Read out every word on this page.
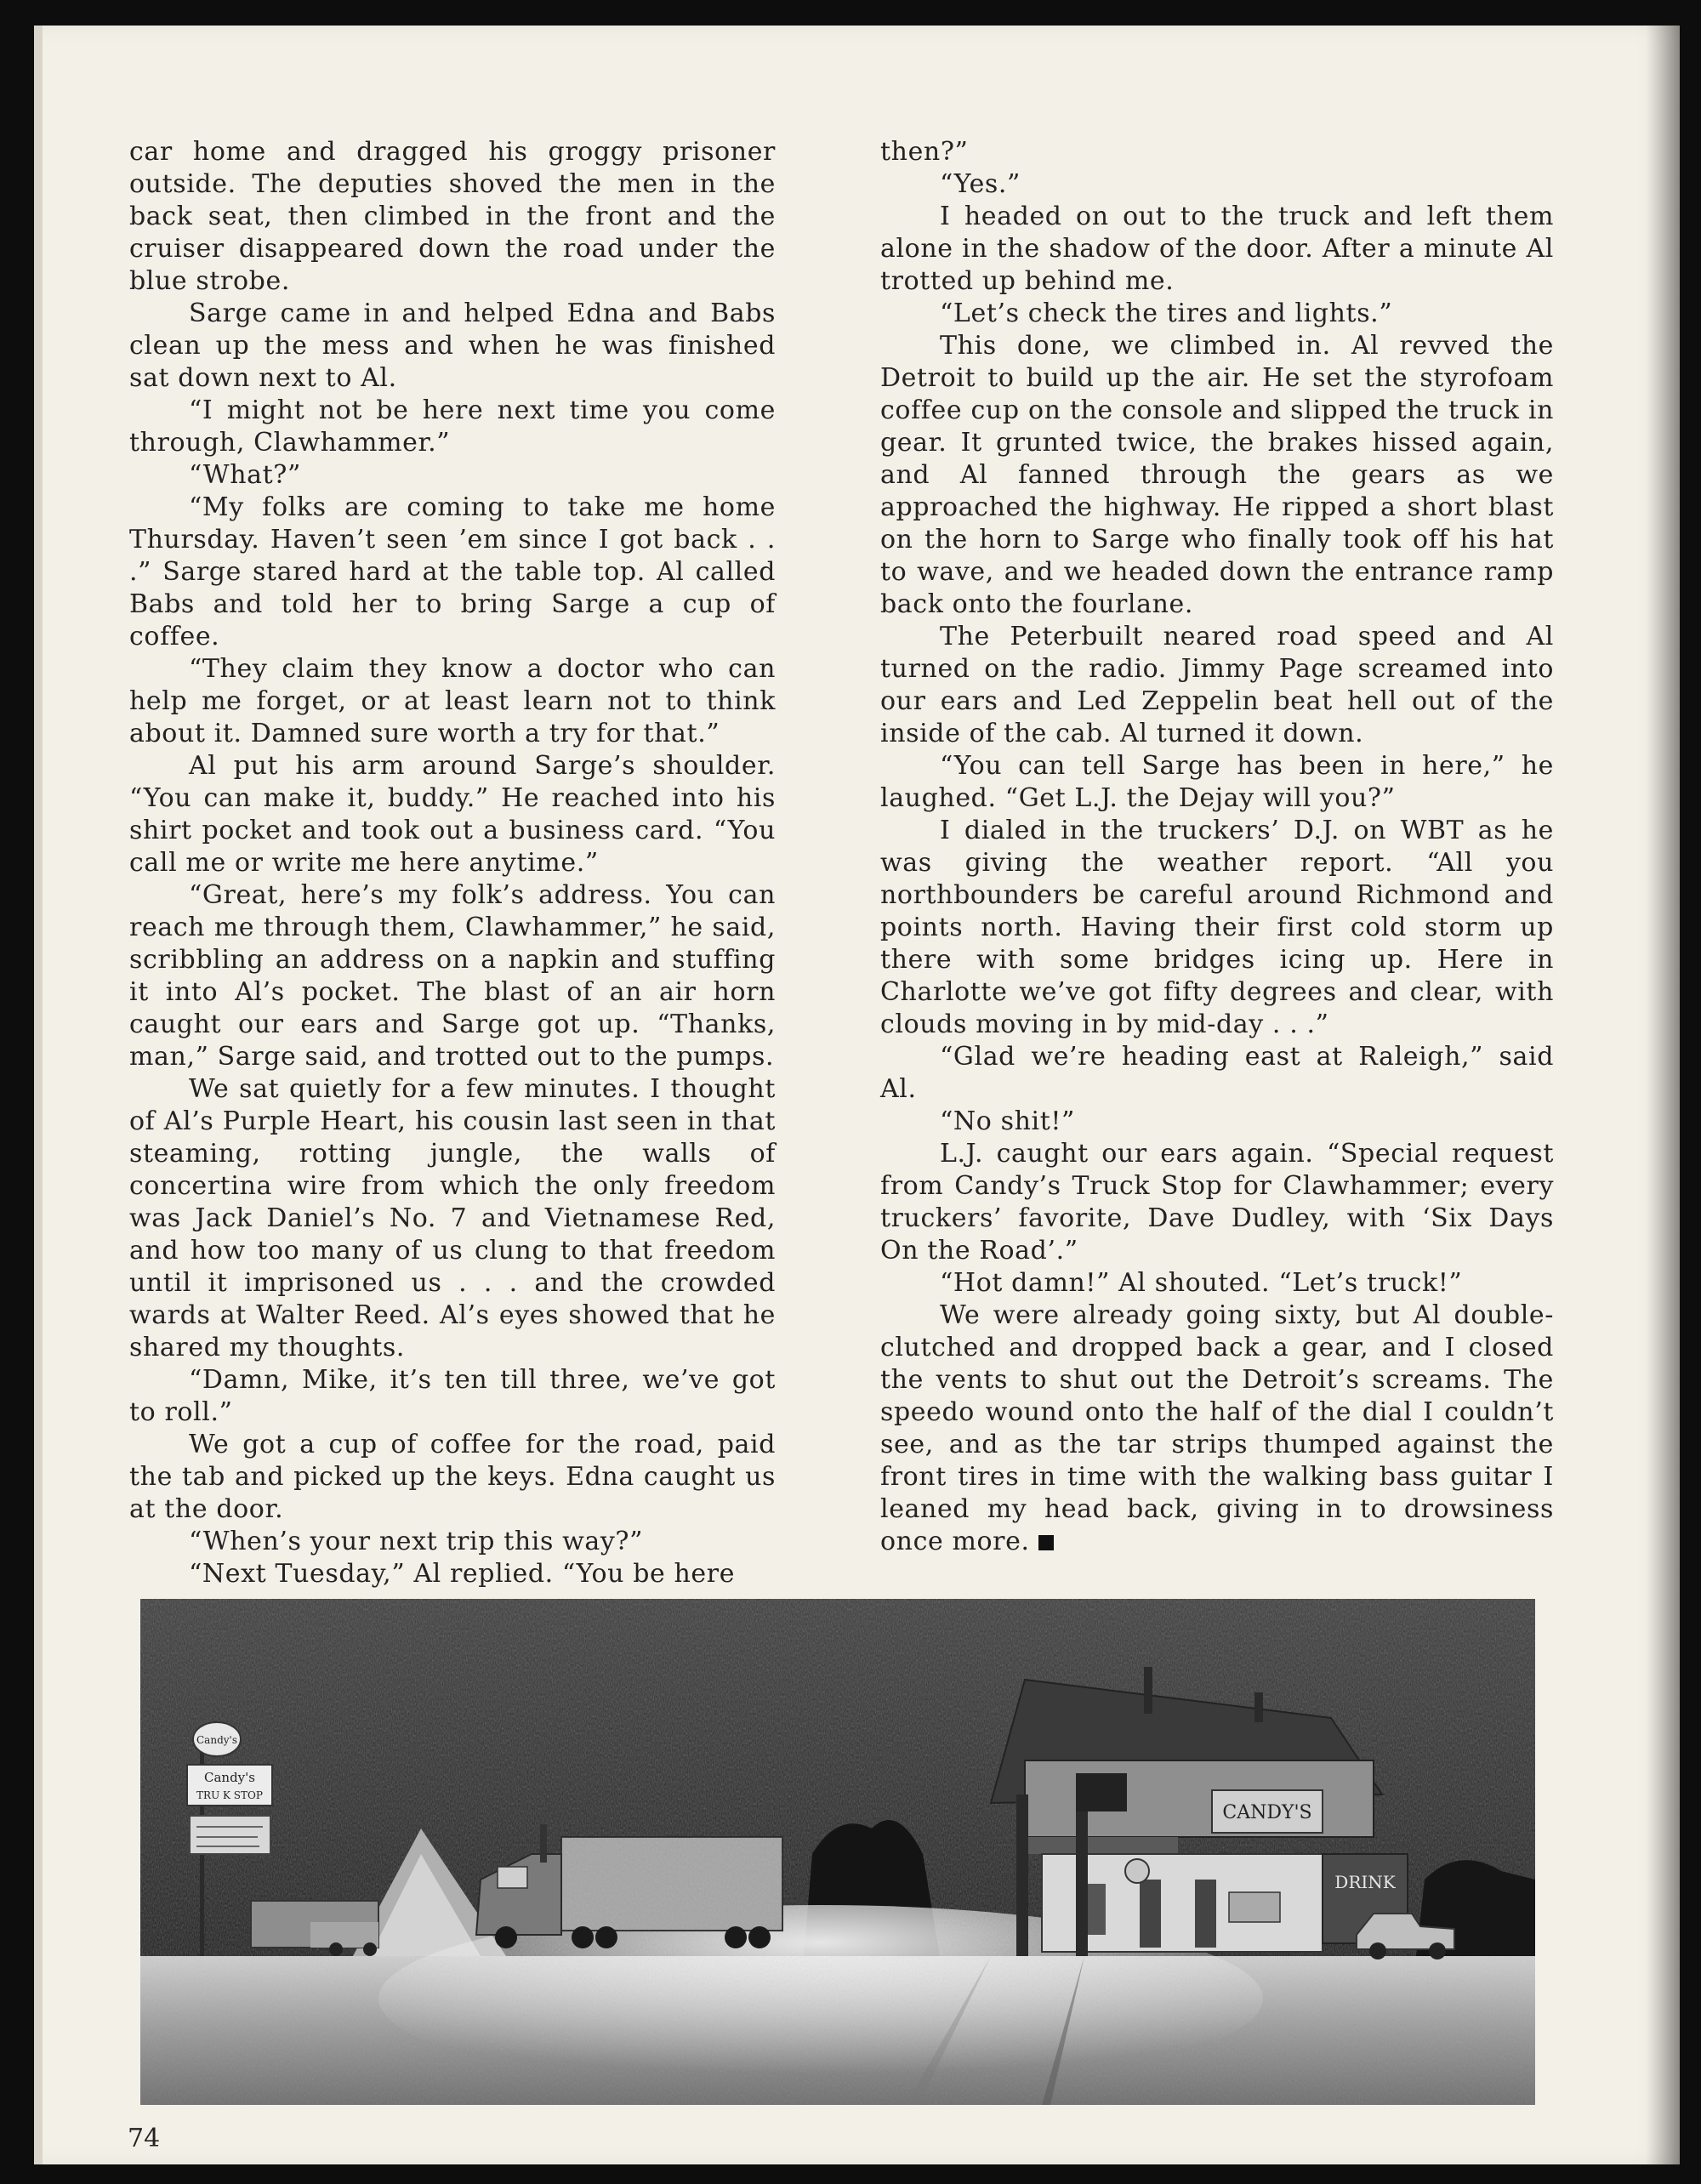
car home and dragged his groggy prisoner outside. The deputies shoved the men in the back seat, then climbed in the front and the cruiser disappeared down the road under the blue strobe.

Sarge came in and helped Edna and Babs clean up the mess and when he was finished sat down next to Al.

“I might not be here next time you come through, Clawhammer.”

“What?”

“My folks are coming to take me home Thursday. Haven’t seen ’em since I got back . . .” Sarge stared hard at the table top. Al called Babs and told her to bring Sarge a cup of coffee.

“They claim they know a doctor who can help me forget, or at least learn not to think about it. Damned sure worth a try for that.”

Al put his arm around Sarge’s shoulder. “You can make it, buddy.” He reached into his shirt pocket and took out a business card. “You call me or write me here anytime.”

“Great, here’s my folk’s address. You can reach me through them, Clawhammer,” he said, scribbling an address on a napkin and stuffing it into Al’s pocket. The blast of an air horn caught our ears and Sarge got up. “Thanks, man,” Sarge said, and trotted out to the pumps.

We sat quietly for a few minutes. I thought of Al’s Purple Heart, his cousin last seen in that steaming, rotting jungle, the walls of concertina wire from which the only freedom was Jack Daniel’s No. 7 and Vietnamese Red, and how too many of us clung to that freedom until it imprisoned us . . . and the crowded wards at Walter Reed. Al’s eyes showed that he shared my thoughts.

“Damn, Mike, it’s ten till three, we’ve got to roll.”

We got a cup of coffee for the road, paid the tab and picked up the keys. Edna caught us at the door.

“When’s your next trip this way?”

“Next Tuesday,” Al replied. “You be here

then?”

“Yes.”

I headed on out to the truck and left them alone in the shadow of the door. After a minute Al trotted up behind me.

“Let’s check the tires and lights.”

This done, we climbed in. Al revved the Detroit to build up the air. He set the styrofoam coffee cup on the console and slipped the truck in gear. It grunted twice, the brakes hissed again, and Al fanned through the gears as we approached the highway. He ripped a short blast on the horn to Sarge who finally took off his hat to wave, and we headed down the entrance ramp back onto the fourlane.

The Peterbuilt neared road speed and Al turned on the radio. Jimmy Page screamed into our ears and Led Zeppelin beat hell out of the inside of the cab. Al turned it down.

“You can tell Sarge has been in here,” he laughed. “Get L.J. the Dejay will you?”

I dialed in the truckers’ D.J. on WBT as he was giving the weather report. “All you northbounders be careful around Richmond and points north. Having their first cold storm up there with some bridges icing up. Here in Charlotte we’ve got fifty degrees and clear, with clouds moving in by mid-day . . .”

“Glad we’re heading east at Raleigh,” said Al.

“No shit!”

L.J. caught our ears again. “Special request from Candy’s Truck Stop for Clawhammer; every truckers’ favorite, Dave Dudley, with ‘Six Days On the Road’.”

“Hot damn!” Al shouted. “Let’s truck!”

We were already going sixty, but Al double-clutched and dropped back a gear, and I closed the vents to shut out the Detroit’s screams. The speedo wound onto the half of the dial I couldn’t see, and as the tar strips thumped against the front tires in time with the walking bass guitar I leaned my head back, giving in to drowsiness once more.

Candy's
Candy's
TRU K STOP
CANDY'S
DRINK
74
